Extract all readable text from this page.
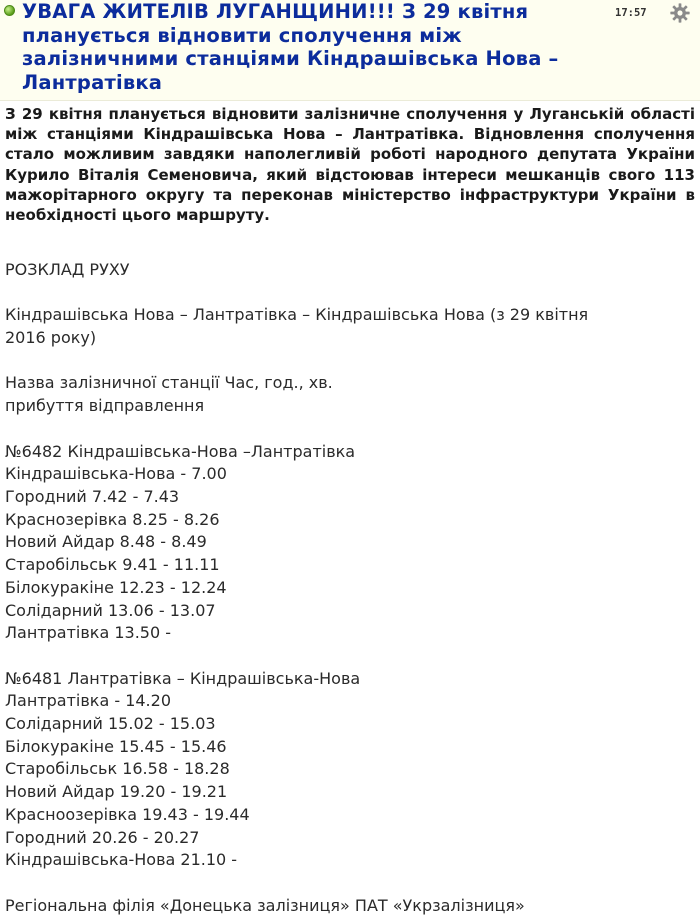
УВАГА ЖИТЕЛІВ ЛУГАНЩИНИ!!! З 29 квітня планується відновити сполучення між залізничними станціями Кіндрашівська Нова – Лантратівка
17:57

З 29 квітня планується відновити залізничне сполучення у Луганській області між станціями Кіндрашівська Нова – Лантратівка. Відновлення сполучення стало можливим завдяки наполегливій роботі народного депутата України Курило Віталія Семеновича, який відстоював інтереси мешканців свого 113 мажорітарного округу та переконав міністерство інфраструктури України в необхідності цього маршруту.

РОЗКЛАД РУХУ

Кіндрашівська Нова – Лантратівка – Кіндрашівська Нова (з 29 квітня

2016 року)

Назва залізничної станції Час, год., хв.

прибуття відправлення

№6482 Кіндрашівська-Нова –Лантратівка

Кіндрашівська-Нова - 7.00

Городний 7.42 - 7.43

Краснозерівка 8.25 - 8.26

Новий Айдар 8.48 - 8.49

Старобільськ 9.41 - 11.11

Білокуракіне 12.23 - 12.24

Солідарний 13.06 - 13.07

Лантратівка 13.50 -

№6481 Лантратівка – Кіндрашівська-Нова

Лантратівка - 14.20

Солідарний 15.02 - 15.03

Білокуракіне 15.45 - 15.46

Старобільськ 16.58 - 18.28

Новий Айдар 19.20 - 19.21

Красноозерівка 19.43 - 19.44

Городний 20.26 - 20.27

Кіндрашівська-Нова 21.10 -

Регіональна філія «Донецька залізниця» ПАТ «Укрзалізниця»
